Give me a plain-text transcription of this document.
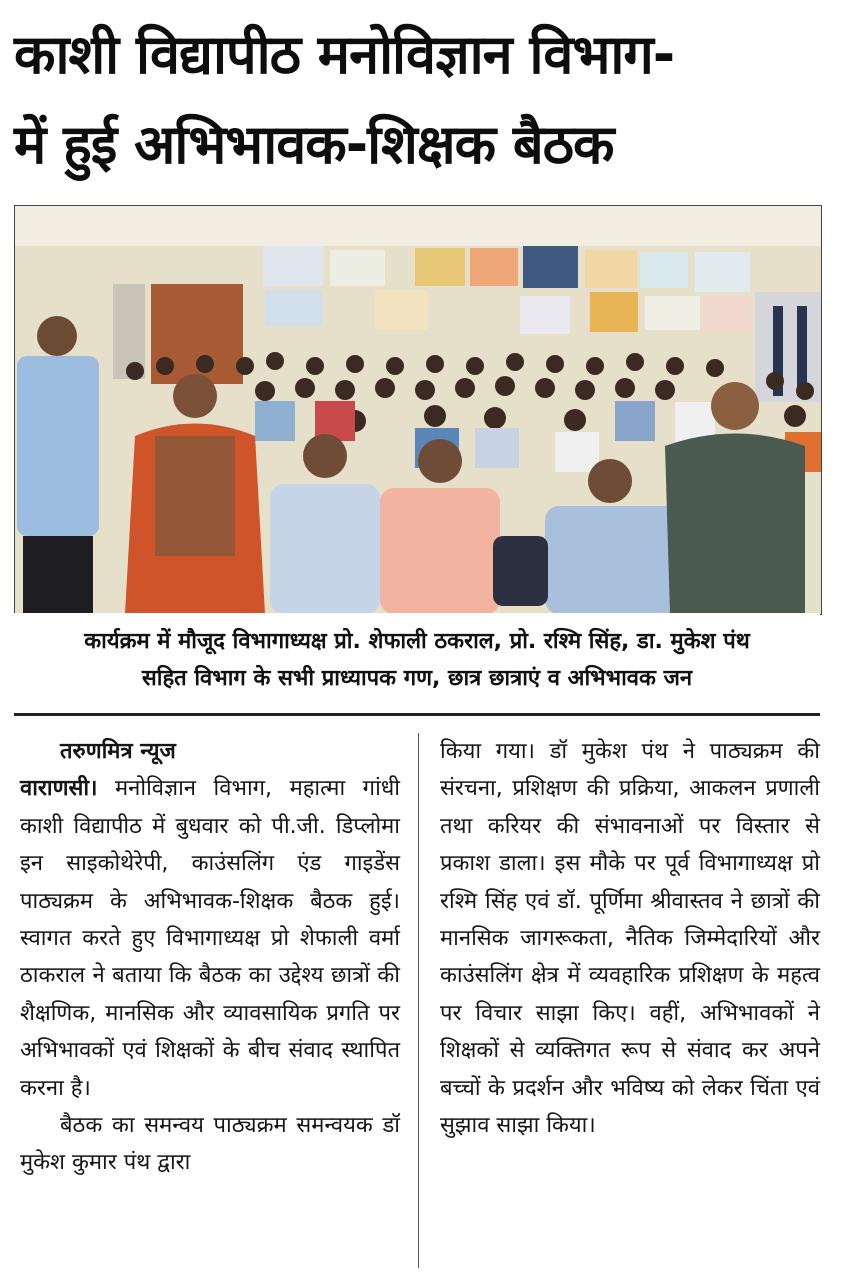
काशी विद्यापीठ मनोविज्ञान विभाग-
में हुई अभिभावक-शिक्षक बैठक
कार्यक्रम में मौजूद विभागाध्यक्ष प्रो. शेफाली ठकराल, प्रो. रश्मि सिंह, डा. मुकेश पंथ
सहित विभाग के सभी प्राध्यापक गण, छात्र छात्राएं व अभिभावक जन
तरुणमित्र न्यूज

वाराणसी। मनोविज्ञान विभाग, महात्मा गांधी काशी विद्यापीठ में बुधवार को पी.जी. डिप्लोमा इन साइकोथेरेपी, काउंसलिंग एंड गाइडेंस पाठ्यक्रम के अभिभावक-शिक्षक बैठक हुई। स्वागत करते हुए विभागाध्यक्ष प्रो शेफाली वर्मा ठाकराल ने बताया कि बैठक का उद्देश्य छात्रों की शैक्षणिक, मानसिक और व्यावसायिक प्रगति पर अभिभावकों एवं शिक्षकों के बीच संवाद स्थापित करना है।

बैठक का समन्वय पाठ्यक्रम समन्वयक डॉ मुकेश कुमार पंथ द्वारा

किया गया। डॉ मुकेश पंथ ने पाठ्यक्रम की संरचना, प्रशिक्षण की प्रक्रिया, आकलन प्रणाली तथा करियर की संभावनाओं पर विस्तार से प्रकाश डाला। इस मौके पर पूर्व विभागाध्यक्ष प्रो रश्मि सिंह एवं डॉ. पूर्णिमा श्रीवास्तव ने छात्रों की मानसिक जागरूकता, नैतिक जिम्मेदारियों और काउंसलिंग क्षेत्र में व्यवहारिक प्रशिक्षण के महत्व पर विचार साझा किए। वहीं, अभिभावकों ने शिक्षकों से व्यक्तिगत रूप से संवाद कर अपने बच्चों के प्रदर्शन और भविष्य को लेकर चिंता एवं सुझाव साझा किया।
